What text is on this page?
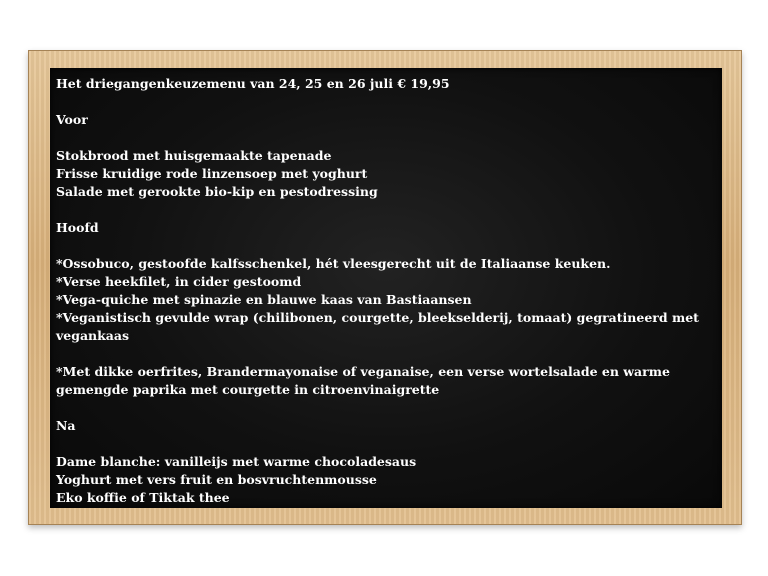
Het driegangenkeuzemenu van 24, 25 en 26 juli € 19,95
Voor
Stokbrood met huisgemaakte tapenade
Frisse kruidige rode linzensoep met yoghurt
Salade met gerookte bio-kip en pestodressing
Hoofd
*Ossobuco, gestoofde kalfsschenkel, hét vleesgerecht uit de Italiaanse keuken.
*Verse heekfilet, in cider gestoomd
*Vega-quiche met spinazie en blauwe kaas van Bastiaansen
*Veganistisch gevulde wrap (chilibonen, courgette, bleekselderij, tomaat) gegratineerd met vegankaas
*Met dikke oerfrites, Brandermayonaise of veganaise, een verse wortelsalade en warme gemengde paprika met courgette in citroenvinaigrette
Na
Dame blanche: vanilleijs met warme chocoladesaus
Yoghurt met vers fruit en bosvruchtenmousse
Eko koffie of Tiktak thee
